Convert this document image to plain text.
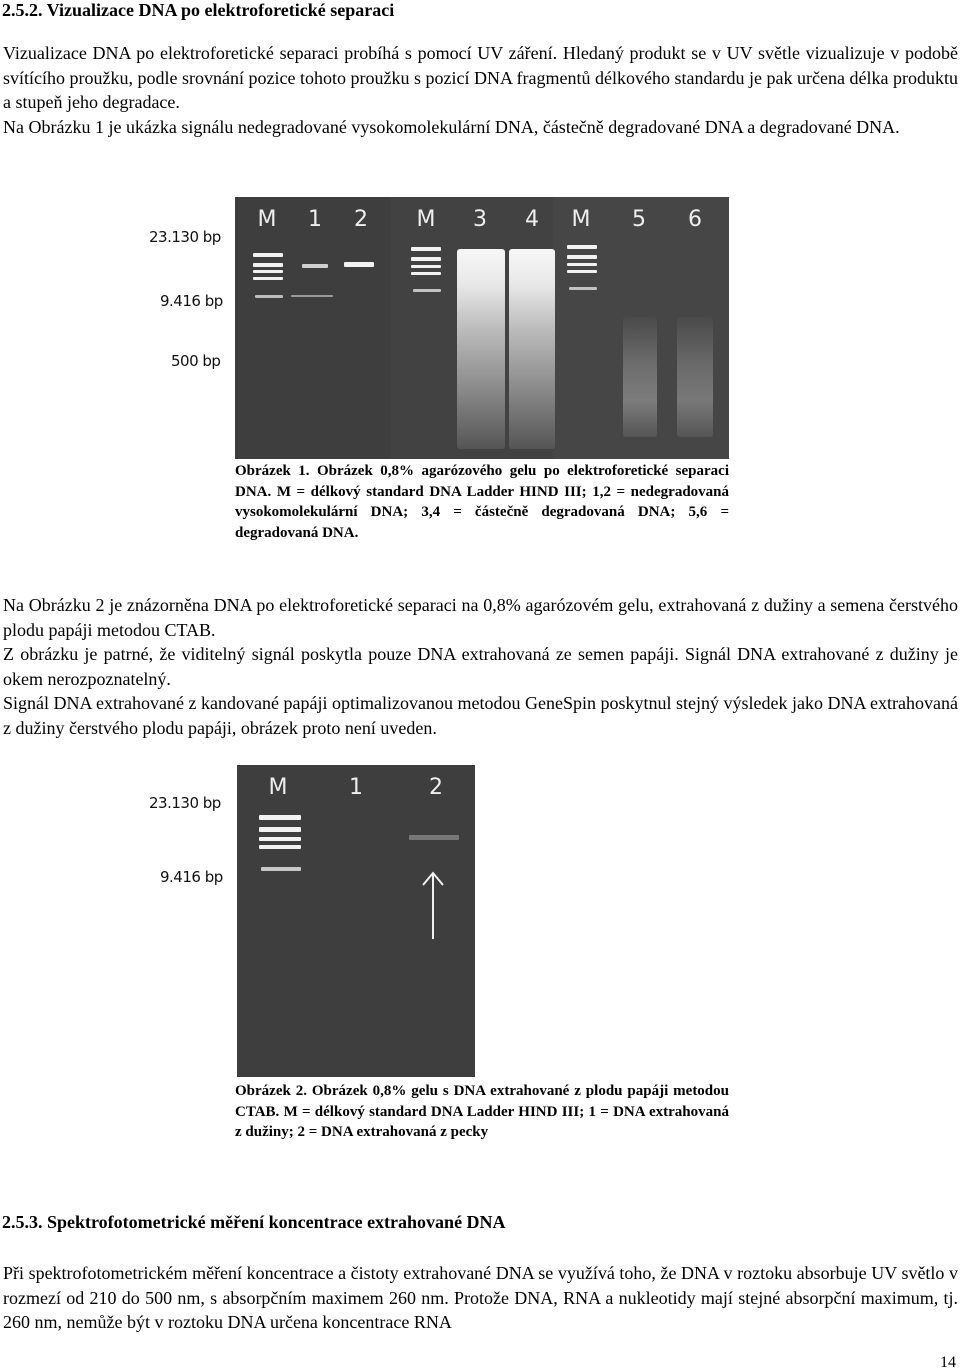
2.5.2. Vizualizace DNA po elektroforetické separaci

Vizualizace DNA po elektroforetické separaci probíhá s pomocí UV záření. Hledaný produkt se v UV světle vizualizuje v podobě svítícího proužku, podle srovnání pozice tohoto proužku s pozicí DNA fragmentů délkového standardu je pak určena délka produktu a stupeň jeho degradace.

Na Obrázku 1 je ukázka signálu nedegradované vysokomolekulární DNA, částečně degradované DNA a degradované DNA.

23.130 bp
9.416 bp
500 bp
M 1 2 M 3 4 M 5 6
Obrázek 1. Obrázek 0,8% agarózového gelu po elektroforetické separaci DNA. M = délkový standard DNA Ladder HIND III; 1,2 = nedegradovaná vysokomolekulární DNA; 3,4 = částečně degradovaná DNA; 5,6 = degradovaná DNA.

Na Obrázku 2 je znázorněna DNA po elektroforetické separaci na 0,8% agarózovém gelu, extrahovaná z dužiny a semena čerstvého plodu papáji metodou CTAB.

Z obrázku je patrné, že viditelný signál poskytla pouze DNA extrahovaná ze semen papáji. Signál DNA extrahované z dužiny je okem nerozpoznatelný.

Signál DNA extrahované z kandované papáji optimalizovanou metodou GeneSpin poskytnul stejný výsledek jako DNA extrahovaná z dužiny čerstvého plodu papáji, obrázek proto není uveden.

23.130 bp
9.416 bp
M	1	2
Obrázek 2. Obrázek 0,8% gelu s DNA extrahované z plodu papáji metodou CTAB. M = délkový standard DNA Ladder HIND III; 1 = DNA extrahovaná z dužiny; 2 = DNA extrahovaná z pecky
2.5.3. Spektrofotometrické měření koncentrace extrahované DNA

Při spektrofotometrickém měření koncentrace a čistoty extrahované DNA se využívá toho, že DNA v roztoku absorbuje UV světlo v rozmezí od 210 do 500 nm, s absorpčním maximem 260 nm. Protože DNA, RNA a nukleotidy mají stejné absorpční maximum, tj. 260 nm, nemůže být v roztoku DNA určena koncentrace RNA

14
